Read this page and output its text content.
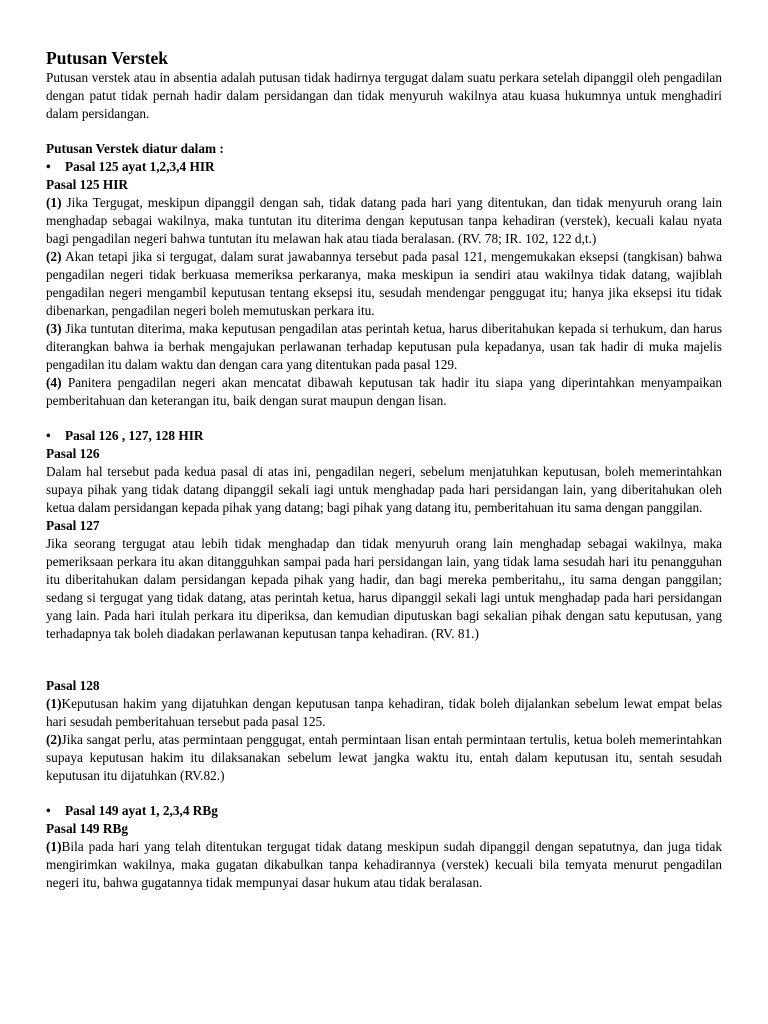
Putusan Verstek

Putusan verstek atau in absentia adalah putusan tidak hadirnya tergugat dalam suatu perkara setelah dipanggil oleh pengadilan dengan patut tidak pernah hadir dalam persidangan dan tidak menyuruh wakilnya atau kuasa hukumnya untuk menghadiri dalam persidangan.

Putusan Verstek diatur dalam :
•	Pasal 125 ayat 1,2,3,4 HIR
Pasal 125 HIR

(1) Jika Tergugat, meskipun dipanggil dengan sah, tidak datang pada hari yang ditentukan, dan tidak menyuruh orang lain menghadap sebagai wakilnya, maka tuntutan itu diterima dengan keputusan tanpa kehadiran (verstek), kecuali kalau nyata bagi pengadilan negeri bahwa tuntutan itu melawan hak atau tiada beralasan. (RV. 78; IR. 102, 122 d,t.)

(2) Akan tetapi jika si tergugat, dalam surat jawabannya tersebut pada pasal 121, mengemukakan eksepsi (tangkisan) bahwa pengadilan negeri tidak berkuasa memeriksa perkaranya, maka meskipun ia sendiri atau wakilnya tidak datang, wajiblah pengadilan negeri mengambil keputusan tentang eksepsi itu, sesudah mendengar penggugat itu; hanya jika eksepsi itu tidak dibenarkan, pengadilan negeri boleh memutuskan perkara itu.

(3) Jika tuntutan diterima, maka keputusan pengadilan atas perintah ketua, harus diberitahukan kepada si terhukum, dan harus diterangkan bahwa ia berhak mengajukan perlawanan terhadap keputusan pula kepadanya, usan tak hadir di muka majelis pengadilan itu dalam waktu dan dengan cara yang ditentukan pada pasal 129.

(4) Panitera pengadilan negeri akan mencatat dibawah keputusan tak hadir itu siapa yang diperintahkan menyampaikan pemberitahuan dan keterangan itu, baik dengan surat maupun dengan lisan.

•	Pasal 126 , 127, 128 HIR
Pasal 126

Dalam hal tersebut pada kedua pasal di atas ini, pengadilan negeri, sebelum menjatuhkan keputusan, boleh memerintahkan supaya pihak yang tidak datang dipanggil sekali iagi untuk menghadap pada hari persidangan lain, yang diberitahukan oleh ketua dalam persidangan kepada pihak yang datang; bagi pihak yang datang itu, pemberitahuan itu sama dengan panggilan.

Pasal 127

Jika seorang tergugat atau lebih tidak menghadap dan tidak menyuruh orang lain menghadap sebagai wakilnya, maka pemeriksaan perkara itu akan ditangguhkan sampai pada hari persidangan lain, yang tidak lama sesudah hari itu penangguhan itu diberitahukan dalam persidangan kepada pihak yang hadir, dan bagi mereka pemberitahu,, itu sama dengan panggilan; sedang si tergugat yang tidak datang, atas perintah ketua, harus dipanggil sekali lagi untuk menghadap pada hari persidangan yang lain. Pada hari itulah perkara itu diperiksa, dan kemudian diputuskan bagi sekalian pihak dengan satu keputusan, yang terhadapnya tak boleh diadakan perlawanan keputusan tanpa kehadiran. (RV. 81.)

Pasal 128

(1)Keputusan hakim yang dijatuhkan dengan keputusan tanpa kehadiran, tidak boleh dijalankan sebelum lewat empat belas hari sesudah pemberitahuan tersebut pada pasal 125.

(2)Jika sangat perlu, atas permintaan penggugat, entah permintaan lisan entah permintaan tertulis, ketua boleh memerintahkan supaya keputusan hakim itu dilaksanakan sebelum lewat jangka waktu itu, entah dalam keputusan itu, sentah sesudah keputusan itu dijatuhkan (RV.82.)

•	Pasal 149 ayat 1, 2,3,4 RBg
Pasal 149 RBg

(1)Bila pada hari yang telah ditentukan tergugat tidak datang meskipun sudah dipanggil dengan sepatutnya, dan juga tidak mengirimkan wakilnya, maka gugatan dikabulkan tanpa kehadirannya (verstek) kecuali bila temyata menurut pengadilan negeri itu, bahwa gugatannya tidak mempunyai dasar hukum atau tidak beralasan.
